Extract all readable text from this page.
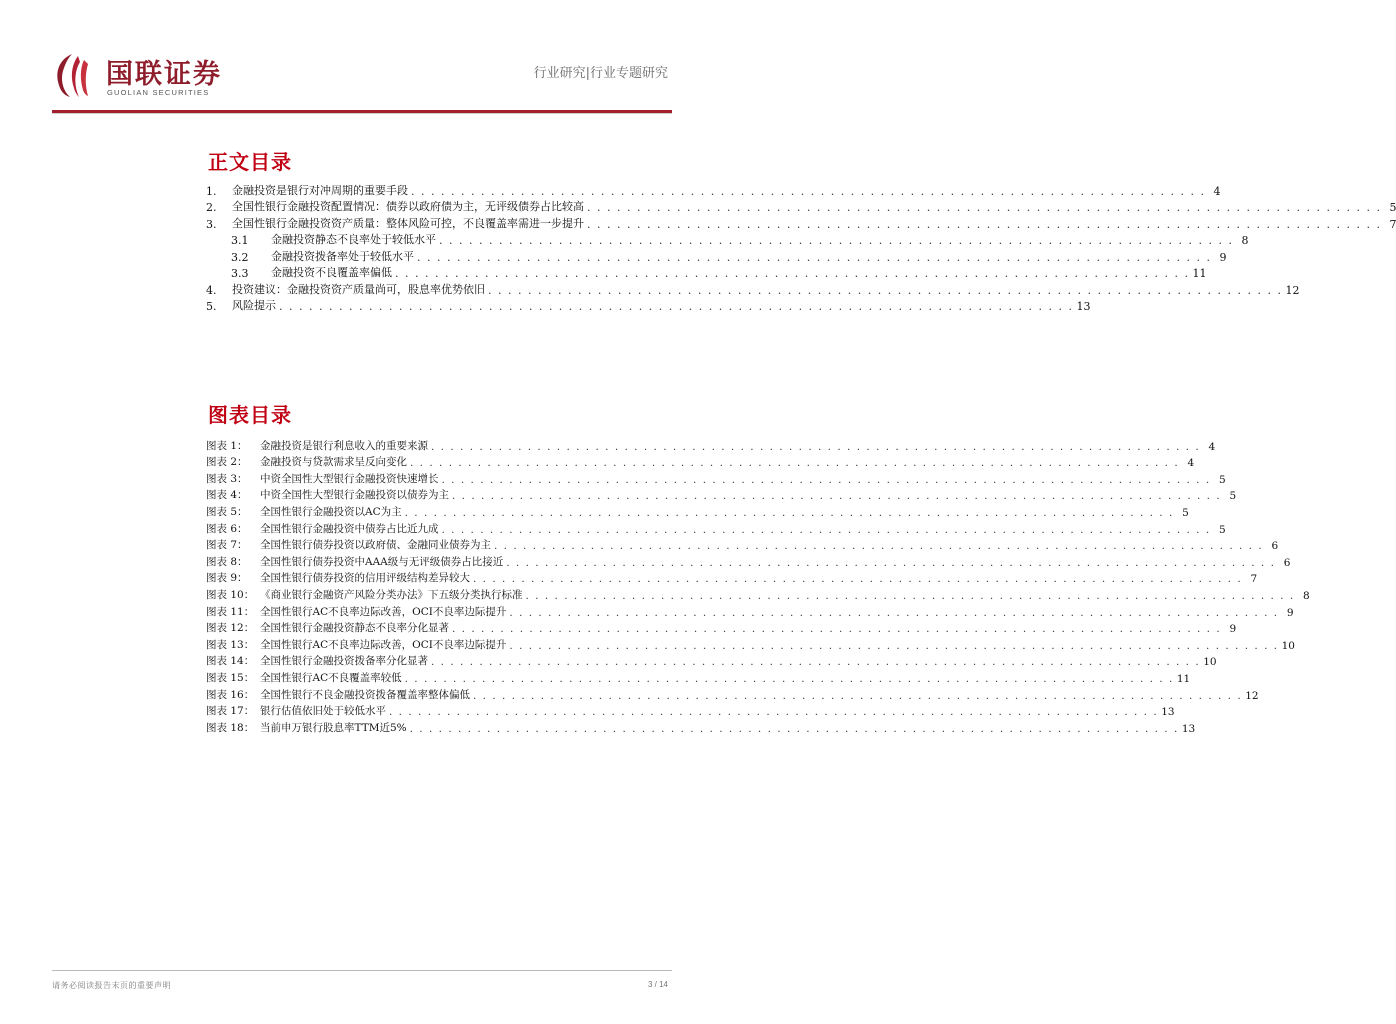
国联证券
GUOLIAN SECURITIES
行业研究|行业专题研究
正文目录
1.	金融投资是银行对冲周期的重要手段 . . . . . . . . . . . . . . . . . . . . . . . . . . . . . . . . . . . . . . . . . . . . . . . . . . . . . . . . . . . . . . . . . . . . . . . . . . . . . . . . 4
2.	全国性银行金融投资配置情况：债券以政府债为主，无评级债券占比较高 . . . . . . . . . . . . . . . . . . . . . . . . . . . . . . . . . . . . . . . . . . . . . . . . . . . . . . . . . . . . . . . . . . . . . . . . . . . . . . . . 5
3.	全国性银行金融投资资产质量：整体风险可控，不良覆盖率需进一步提升 . . . . . . . . . . . . . . . . . . . . . . . . . . . . . . . . . . . . . . . . . . . . . . . . . . . . . . . . . . . . . . . . . . . . . . . . . . . . . . . . 7
3.1	金融投资静态不良率处于较低水平 . . . . . . . . . . . . . . . . . . . . . . . . . . . . . . . . . . . . . . . . . . . . . . . . . . . . . . . . . . . . . . . . . . . . . . . . . . . . . . . . 8
3.2	金融投资拨备率处于较低水平 . . . . . . . . . . . . . . . . . . . . . . . . . . . . . . . . . . . . . . . . . . . . . . . . . . . . . . . . . . . . . . . . . . . . . . . . . . . . . . . . 9
3.3	金融投资不良覆盖率偏低 . . . . . . . . . . . . . . . . . . . . . . . . . . . . . . . . . . . . . . . . . . . . . . . . . . . . . . . . . . . . . . . . . . . . . . . . . . . . . . . . 11
4.	投资建议：金融投资资产质量尚可，股息率优势依旧 . . . . . . . . . . . . . . . . . . . . . . . . . . . . . . . . . . . . . . . . . . . . . . . . . . . . . . . . . . . . . . . . . . . . . . . . . . . . . . . . 12
5.	风险提示 . . . . . . . . . . . . . . . . . . . . . . . . . . . . . . . . . . . . . . . . . . . . . . . . . . . . . . . . . . . . . . . . . . . . . . . . . . . . . . . . 13
图表目录
图表 1：	金融投资是银行利息收入的重要来源 . . . . . . . . . . . . . . . . . . . . . . . . . . . . . . . . . . . . . . . . . . . . . . . . . . . . . . . . . . . . . . . . . . . . . . . . . . . . . . . . 4
图表 2：	金融投资与贷款需求呈反向变化 . . . . . . . . . . . . . . . . . . . . . . . . . . . . . . . . . . . . . . . . . . . . . . . . . . . . . . . . . . . . . . . . . . . . . . . . . . . . . . . . 4
图表 3：	中资全国性大型银行金融投资快速增长 . . . . . . . . . . . . . . . . . . . . . . . . . . . . . . . . . . . . . . . . . . . . . . . . . . . . . . . . . . . . . . . . . . . . . . . . . . . . . . . . 5
图表 4：	中资全国性大型银行金融投资以债券为主 . . . . . . . . . . . . . . . . . . . . . . . . . . . . . . . . . . . . . . . . . . . . . . . . . . . . . . . . . . . . . . . . . . . . . . . . . . . . . . . . 5
图表 5：	全国性银行金融投资以AC为主 . . . . . . . . . . . . . . . . . . . . . . . . . . . . . . . . . . . . . . . . . . . . . . . . . . . . . . . . . . . . . . . . . . . . . . . . . . . . . . . . 5
图表 6：	全国性银行金融投资中债券占比近九成 . . . . . . . . . . . . . . . . . . . . . . . . . . . . . . . . . . . . . . . . . . . . . . . . . . . . . . . . . . . . . . . . . . . . . . . . . . . . . . . . 5
图表 7：	全国性银行债券投资以政府债、金融同业债券为主 . . . . . . . . . . . . . . . . . . . . . . . . . . . . . . . . . . . . . . . . . . . . . . . . . . . . . . . . . . . . . . . . . . . . . . . . . . . . . . . . 6
图表 8：	全国性银行债券投资中AAA级与无评级债券占比接近 . . . . . . . . . . . . . . . . . . . . . . . . . . . . . . . . . . . . . . . . . . . . . . . . . . . . . . . . . . . . . . . . . . . . . . . . . . . . . . . . 6
图表 9：	全国性银行债券投资的信用评级结构差异较大 . . . . . . . . . . . . . . . . . . . . . . . . . . . . . . . . . . . . . . . . . . . . . . . . . . . . . . . . . . . . . . . . . . . . . . . . . . . . . . . . 7
图表 10： 《商业银行金融资产风险分类办法》下五级分类执行标准 . . . . . . . . . . . . . . . . . . . . . . . . . . . . . . . . . . . . . . . . . . . . . . . . . . . . . . . . . . . . . . . . . . . . . . . . . . . . . . . . 8
图表 11： 全国性银行AC不良率边际改善，OCI不良率边际提升 . . . . . . . . . . . . . . . . . . . . . . . . . . . . . . . . . . . . . . . . . . . . . . . . . . . . . . . . . . . . . . . . . . . . . . . . . . . . . . . . 9
图表 12： 全国性银行金融投资静态不良率分化显著 . . . . . . . . . . . . . . . . . . . . . . . . . . . . . . . . . . . . . . . . . . . . . . . . . . . . . . . . . . . . . . . . . . . . . . . . . . . . . . . . 9
图表 13： 全国性银行AC不良率边际改善，OCI不良率边际提升 . . . . . . . . . . . . . . . . . . . . . . . . . . . . . . . . . . . . . . . . . . . . . . . . . . . . . . . . . . . . . . . . . . . . . . . . . . . . . . . . 10
图表 14： 全国性银行金融投资拨备率分化显著 . . . . . . . . . . . . . . . . . . . . . . . . . . . . . . . . . . . . . . . . . . . . . . . . . . . . . . . . . . . . . . . . . . . . . . . . . . . . . . . . 10
图表 15： 全国性银行AC不良覆盖率较低 . . . . . . . . . . . . . . . . . . . . . . . . . . . . . . . . . . . . . . . . . . . . . . . . . . . . . . . . . . . . . . . . . . . . . . . . . . . . . . . . 11
图表 16： 全国性银行不良金融投资拨备覆盖率整体偏低 . . . . . . . . . . . . . . . . . . . . . . . . . . . . . . . . . . . . . . . . . . . . . . . . . . . . . . . . . . . . . . . . . . . . . . . . . . . . . . . . 12
图表 17： 银行估值依旧处于较低水平 . . . . . . . . . . . . . . . . . . . . . . . . . . . . . . . . . . . . . . . . . . . . . . . . . . . . . . . . . . . . . . . . . . . . . . . . . . . . . . . . 13
图表 18： 当前申万银行股息率TTM近5% . . . . . . . . . . . . . . . . . . . . . . . . . . . . . . . . . . . . . . . . . . . . . . . . . . . . . . . . . . . . . . . . . . . . . . . . . . . . . . . . 13
请务必阅读报告末页的重要声明	3 / 14
